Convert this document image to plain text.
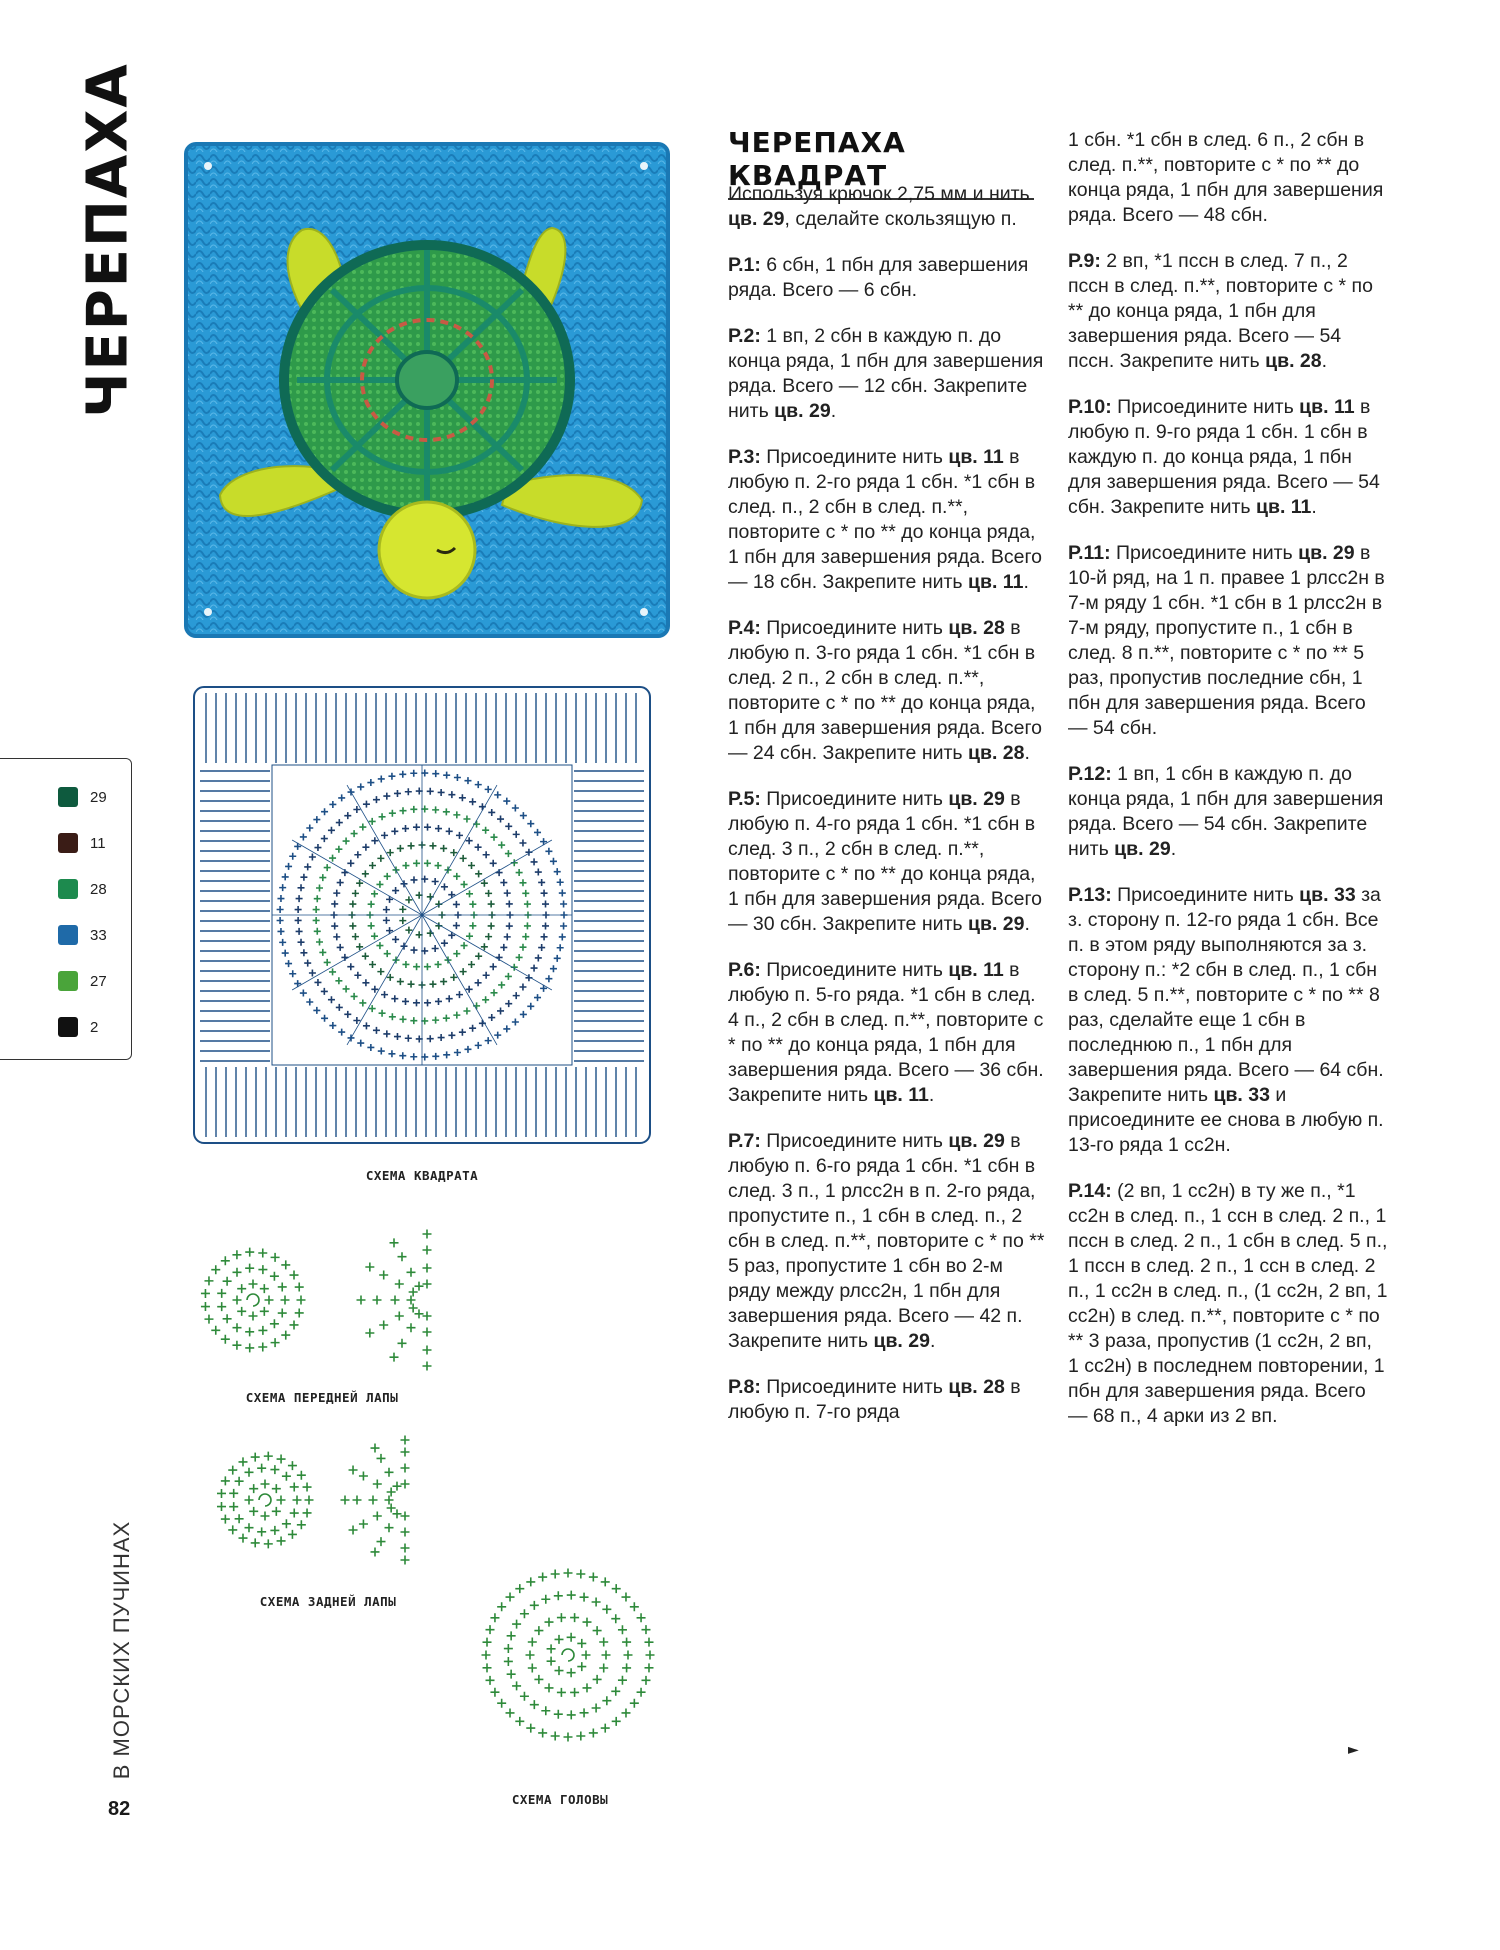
ЧЕРЕПАХА
29
11
28
33
27
2
СХЕМА КВАДРАТА
СХЕМА ПЕРЕДНЕЙ ЛАПЫ
СХЕМА ЗАДНЕЙ ЛАПЫ
СХЕМА ГОЛОВЫ
В МОРСКИХ ПУЧИНАХ
82
ЧЕРЕПАХА КВАДРАТ

Используя крючок 2,75 мм и нить цв. 29, сделайте скользящую п.

Р.1: 6 сбн, 1 пбн для завершения ряда. Всего — 6 сбн.

Р.2: 1 вп, 2 сбн в каждую п. до конца ряда, 1 пбн для завершения ряда. Всего — 12 сбн. Закрепите нить цв. 29.

Р.3: Присоедините нить цв. 11 в любую п. 2-го ряда 1 сбн. *1 сбн в след. п., 2 сбн в след. п.**, повторите с * по ** до конца ряда, 1 пбн для завершения ряда. Всего — 18 сбн. Закрепите нить цв. 11.

Р.4: Присоедините нить цв. 28 в любую п. 3-го ряда 1 сбн. *1 сбн в след. 2 п., 2 сбн в след. п.**, повторите с * по ** до конца ряда, 1 пбн для завершения ряда. Всего — 24 сбн. Закрепите нить цв. 28.

Р.5: Присоедините нить цв. 29 в любую п. 4-го ряда 1 сбн. *1 сбн в след. 3 п., 2 сбн в след. п.**, повторите с * по ** до конца ряда, 1 пбн для завершения ряда. Всего — 30 сбн. Закрепите нить цв. 29.

Р.6: Присоедините нить цв. 11 в любую п. 5-го ряда. *1 сбн в след. 4 п., 2 сбн в след. п.**, повторите с * по ** до конца ряда, 1 пбн для завершения ряда. Всего — 36 сбн. Закрепите нить цв. 11.

Р.7: Присоедините нить цв. 29 в любую п. 6-го ряда 1 сбн. *1 сбн в след. 3 п., 1 рлсс2н в п. 2-го ряда, пропустите п., 1 сбн в след. п., 2 сбн в след. п.**, повторите с * по ** 5 раз, пропустите 1 сбн во 2-м ряду между рлсс2н, 1 пбн для завершения ряда. Всего — 42 п. Закрепите нить цв. 29.

Р.8: Присоедините нить цв. 28 в любую п. 7-го ряда

1 сбн. *1 сбн в след. 6 п., 2 сбн в след. п.**, повторите с * по ** до конца ряда, 1 пбн для завершения ряда. Всего — 48 сбн.

Р.9: 2 вп, *1 пссн в след. 7 п., 2 пссн в след. п.**, повторите с * по ** до конца ряда, 1 пбн для завершения ряда. Всего — 54 пссн. Закрепите нить цв. 28.

Р.10: Присоедините нить цв. 11 в любую п. 9-го ряда 1 сбн. 1 сбн в каждую п. до конца ряда, 1 пбн для завершения ряда. Всего — 54 сбн. Закрепите нить цв. 11.

Р.11: Присоедините нить цв. 29 в 10-й ряд, на 1 п. правее 1 рлсс2н в 7-м ряду 1 сбн. *1 сбн в 1 рлсс2н в 7-м ряду, пропустите п., 1 сбн в след. 8 п.**, повторите с * по ** 5 раз, пропустив последние сбн, 1 пбн для завершения ряда. Всего — 54 сбн.

Р.12: 1 вп, 1 сбн в каждую п. до конца ряда, 1 пбн для завершения ряда. Всего — 54 сбн. Закрепите нить цв. 29.

Р.13: Присоедините нить цв. 33 за з. сторону п. 12-го ряда 1 сбн. Все п. в этом ряду выполняются за з. сторону п.: *2 сбн в след. п., 1 сбн в след. 5 п.**, повторите с * по ** 8 раз, сделайте еще 1 сбн в последнюю п., 1 пбн для завершения ряда. Всего — 64 сбн. Закрепите нить цв. 33 и присоедините ее снова в любую п. 13-го ряда 1 сс2н.

Р.14: (2 вп, 1 сс2н) в ту же п., *1 сс2н в след. п., 1 ссн в след. 2 п., 1 пссн в след. 2 п., 1 сбн в след. 5 п., 1 пссн в след. 2 п., 1 ссн в след. 2 п., 1 сс2н в след. п., (1 сс2н, 2 вп, 1 сс2н) в след. п.**, повторите с * по ** 3 раза, пропустив (1 сс2н, 2 вп, 1 сс2н) в последнем повторении, 1 пбн для завершения ряда. Всего — 68 п., 4 арки из 2 вп.

►
